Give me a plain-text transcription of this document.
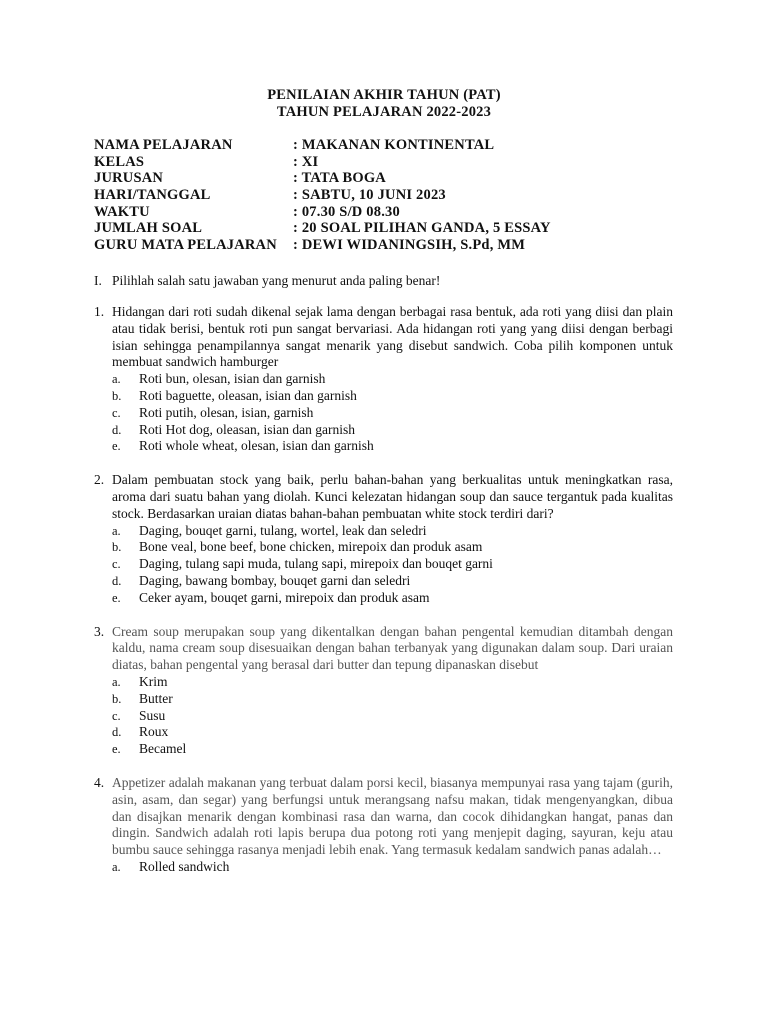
PENILAIAN AKHIR TAHUN (PAT)
TAHUN PELAJARAN 2022-2023
NAMA PELAJARAN	: MAKANAN KONTINENTAL
KELAS	: XI
JURUSAN	: TATA BOGA
HARI/TANGGAL	: SABTU, 10 JUNI 2023
WAKTU	: 07.30 S/D 08.30
JUMLAH SOAL	: 20 SOAL PILIHAN GANDA, 5 ESSAY
GURU MATA PELAJARAN	: DEWI WIDANINGSIH, S.Pd, MM
I. Pilihlah salah satu jawaban yang menurut anda paling benar!
1. Hidangan dari roti sudah dikenal sejak lama dengan berbagai rasa bentuk, ada roti yang diisi dan plain atau tidak berisi, bentuk roti pun sangat bervariasi. Ada hidangan roti yang yang diisi dengan berbagi isian sehingga penampilannya sangat menarik yang disebut sandwich. Coba pilih komponen untuk membuat sandwich hamburger
a.	Roti bun, olesan, isian dan garnish
b.	Roti baguette, oleasan, isian dan garnish
c.	Roti putih, olesan, isian, garnish
d.	Roti Hot dog, oleasan, isian dan garnish
e.	Roti whole wheat, olesan, isian dan garnish
2. Dalam pembuatan stock yang baik, perlu bahan-bahan yang berkualitas untuk meningkatkan rasa, aroma dari suatu bahan yang diolah. Kunci kelezatan hidangan soup dan sauce tergantuk pada kualitas stock. Berdasarkan uraian diatas bahan-bahan pembuatan white stock terdiri dari?
a.	Daging, bouqet garni, tulang, wortel, leak dan seledri
b.	Bone veal, bone beef, bone chicken, mirepoix dan produk asam
c.	Daging, tulang sapi muda, tulang sapi, mirepoix dan bouqet garni
d.	Daging, bawang bombay, bouqet garni dan seledri
e.	Ceker ayam, bouqet garni, mirepoix dan produk asam
3. Cream soup merupakan soup yang dikentalkan dengan bahan pengental kemudian ditambah dengan kaldu, nama cream soup disesuaikan dengan bahan terbanyak yang digunakan dalam soup. Dari uraian diatas, bahan pengental yang berasal dari butter dan tepung dipanaskan disebut
a.	Krim
b.	Butter
c.	Susu
d.	Roux
e.	Becamel
4. Appetizer adalah makanan yang terbuat dalam porsi kecil, biasanya mempunyai rasa yang tajam (gurih, asin, asam, dan segar) yang berfungsi untuk merangsang nafsu makan, tidak mengenyangkan, dibua dan disajkan menarik dengan kombinasi rasa dan warna, dan cocok dihidangkan hangat, panas dan dingin. Sandwich adalah roti lapis berupa dua potong roti yang menjepit daging, sayuran, keju atau bumbu sauce sehingga rasanya menjadi lebih enak. Yang termasuk kedalam sandwich panas adalah…
a.	Rolled sandwich
